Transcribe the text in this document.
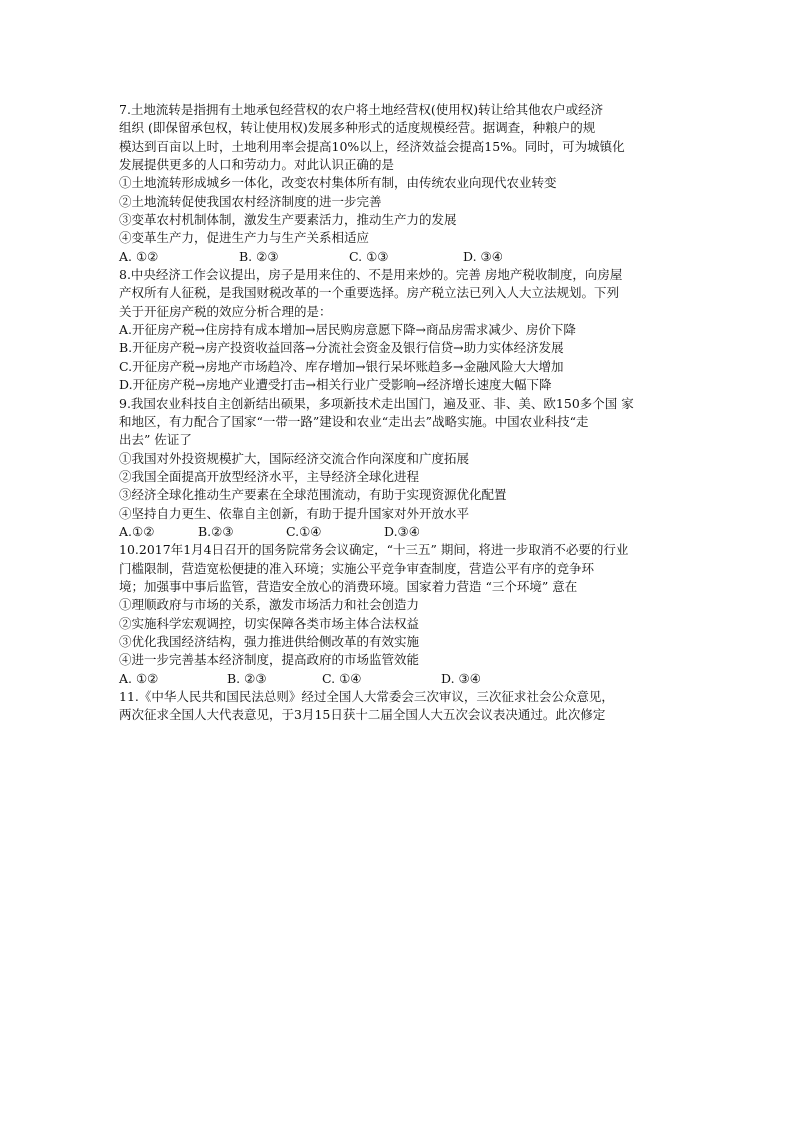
7.土地流转是指拥有土地承包经营权的农户将土地经营权(使用权)转让给其他农户或经济
组织 (即保留承包权，转让使用权)发展多种形式的适度规模经营。据调查，种粮户的规
模达到百亩以上时，土地利用率会提高10%以上，经济效益会提高15%。同时，可为城镇化
发展提供更多的人口和劳动力。对此认识正确的是
①土地流转形成城乡一体化，改变农村集体所有制，由传统农业向现代农业转变
②土地流转促使我国农村经济制度的进一步完善
③变革农村机制体制，激发生产要素活力，推动生产力的发展
④变革生产力，促进生产力与生产关系相适应
A. ①②	B. ②③	C. ①③	D. ③④
8.中央经济工作会议提出，房子是用来住的、不是用来炒的。完善 房地产税收制度，向房屋
产权所有人征税，是我国财税改革的一个重要选择。房产税立法已列入人大立法规划。下列
关于开征房产税的效应分析合理的是：
A.开征房产税→住房持有成本增加→居民购房意愿下降→商品房需求减少、房价下降
B.开征房产税→房产投资收益回落→分流社会资金及银行信贷→助力实体经济发展
C.开征房产税→房地产市场趋冷、库存增加→银行呆坏账趋多→金融风险大大增加
D.开征房产税→房地产业遭受打击→相关行业广受影响→经济增长速度大幅下降
9.我国农业科技自主创新结出硕果，多项新技术走出国门，遍及亚、非、美、欧150多个国 家
和地区，有力配合了国家“一带一路”建设和农业“走出去”战略实施。中国农业科技“走
出去” 佐证了
①我国对外投资规模扩大，国际经济交流合作向深度和广度拓展
②我国全面提高开放型经济水平，主导经济全球化进程
③经济全球化推动生产要素在全球范围流动，有助于实现资源优化配置
④坚持自力更生、依靠自主创新，有助于提升国家对外开放水平
A.①②	B.②③	C.①④	D.③④
10.2017年1月4日召开的国务院常务会议确定，“十三五” 期间，将进一步取消不必要的行业
门槛限制，营造宽松便捷的准入环境；实施公平竞争审查制度，营造公平有序的竞争环
境；加强事中事后监管，营造安全放心的消费环境。国家着力营造 “三个环境” 意在
①理顺政府与市场的关系，激发市场活力和社会创造力
②实施科学宏观调控，切实保障各类市场主体合法权益
③优化我国经济结构，强力推进供给侧改革的有效实施
④进一步完善基本经济制度，提高政府的市场监管效能
A. ①②	B. ②③	C. ①④	D. ③④
11.《中华人民共和国民法总则》经过全国人大常委会三次审议，三次征求社会公众意见，
两次征求全国人大代表意见，于3月15日获十二届全国人大五次会议表决通过。此次修定
